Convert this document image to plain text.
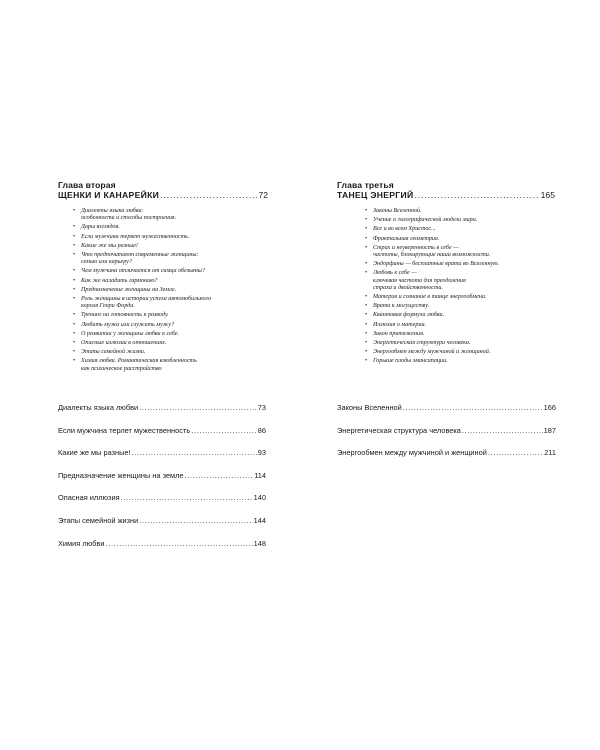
Глава вторая
ЩЕНКИ И КАНАРЕЙКИ .....	72
• Диалекты языка любви:
особенности и способы построения.
• Дары взглядов.
• Если мужчина теряет мужественность.
• Какие же мы разные!
• Что предпочитают современные женщины:
семью или карьеру?
• Чем мужчина отличается от самца обезьяны?
• Как же наладить гармонию?
• Предназначение женщины на Земле.
• Роль женщины в истории успеха автомобильного
короля Генри Форда.
• Тренинг на готовность к разводу.
• Любить мужа или служить мужу?
• О развитии у женщины любви к себе.
• Опасные иллюзии в отношениях.
• Этапы семейной жизни.
• Химия любви. Романтическая влюбленность
как психическое расстройство
Глава третья
ТАНЕЦ ЭНЕРГИЙ .....	165
• Законы Вселенной.
• Учение о голографической модели мира.
• Все и во всем Христос...
• Фрактальная геометрия.
• Страх и неуверенность в себе —
частоты, блокирующие наши возможности.
• Эндорфины — бесплатные врата во Вселенную.
• Любовь к себе —
ключевая частота для преодоления
страха и двойственности.
• Материя и сознание в танце энергообмена.
• Врата к могуществу.
• Квантовая формула любви.
• Иллюзия о материи.
• Закон притяжения.
• Энергетическая структура человека.
• Энергообмен между мужчиной и женщиной.
• Горькие плоды эмансипации.
Диалекты языка любви .....	73
Если мужчина терлет мужественность .....	86
Какие же мы разные! .....	93
Предназначение женщины на земле .....	114
Опасная иллюзия .....	140
Этапы семейной жизни .....	144
Химия любви .....	148
Законы Вселенной .....	166
Энергетическая структура человека .....	187
Энергообмен между мужчиной и женщиной .....	211
